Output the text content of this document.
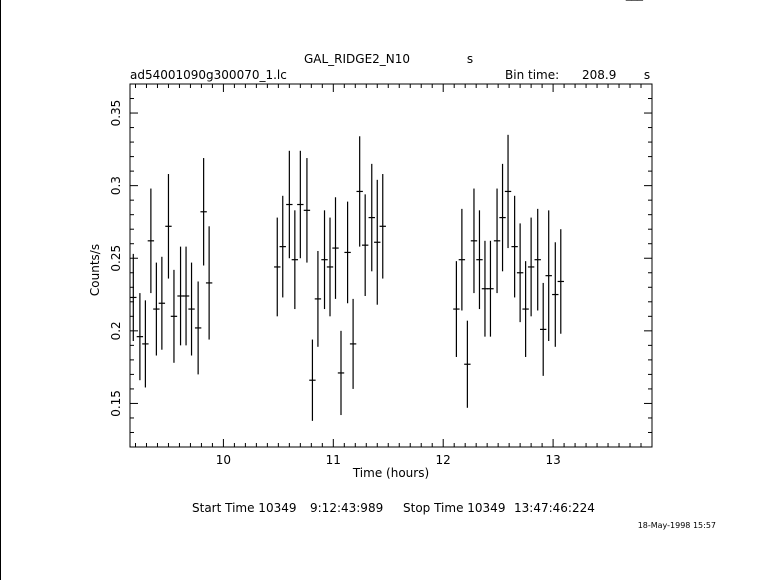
GAL_RIDGE2_N10	s
ad54001090g300070_1.lc	Bin time: 208.9 s
10	11	12	13
0.15
0.2
0.25
0.3
0.35
Time (hours)
Counts/s
Start Time 10349 9:12:43:989 Stop Time 10349 13:47:46:224
18-May-1998 15:57
